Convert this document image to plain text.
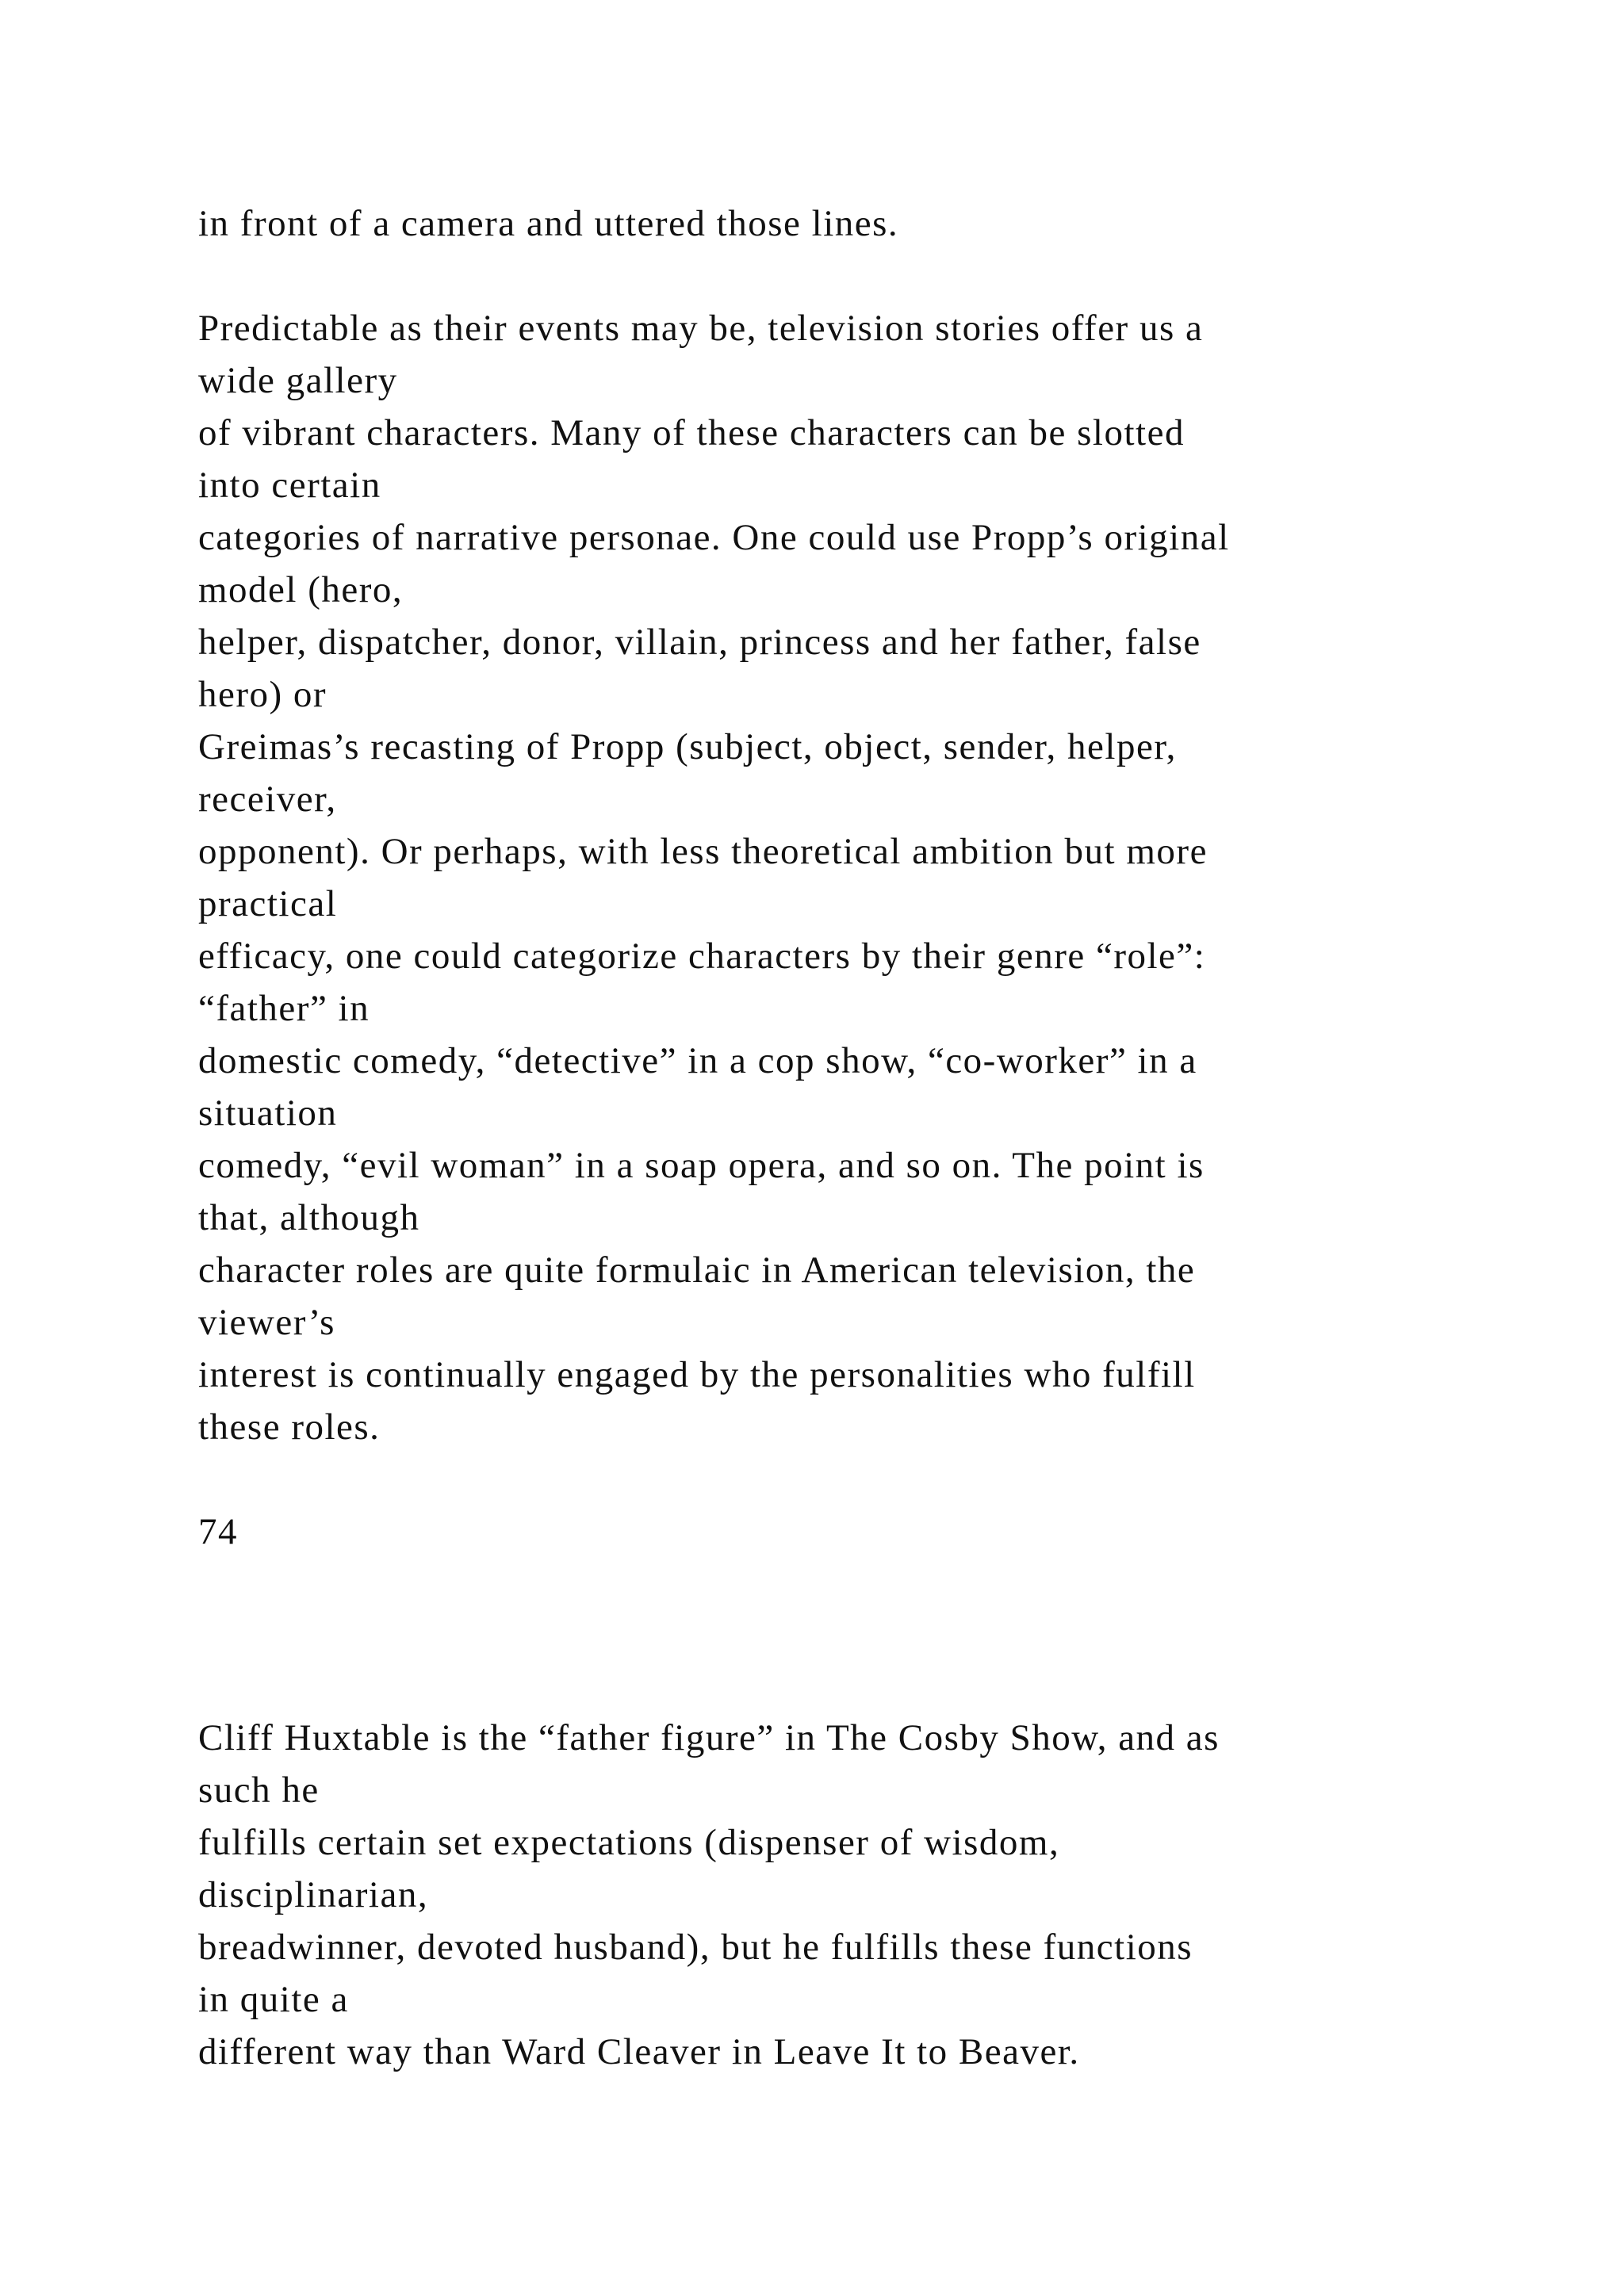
in front of a camera and uttered those lines.

Predictable as their events may be, television stories offer us a

wide gallery

of vibrant characters. Many of these characters can be slotted

into certain

categories of narrative personae. One could use Propp’s original

model (hero,

helper, dispatcher, donor, villain, princess and her father, false

hero) or

Greimas’s recasting of Propp (subject, object, sender, helper,

receiver,

opponent). Or perhaps, with less theoretical ambition but more

practical

efficacy, one could categorize characters by their genre “role”:

“father” in

domestic comedy, “detective” in a cop show, “co-worker” in a

situation

comedy, “evil woman” in a soap opera, and so on. The point is

that, although

character roles are quite formulaic in American television, the

viewer’s

interest is continually engaged by the personalities who fulfill

these roles.

74

Cliff Huxtable is the “father figure” in The Cosby Show, and as

such he

fulfills certain set expectations (dispenser of wisdom,

disciplinarian,

breadwinner, devoted husband), but he fulfills these functions

in quite a

different way than Ward Cleaver in Leave It to Beaver.
